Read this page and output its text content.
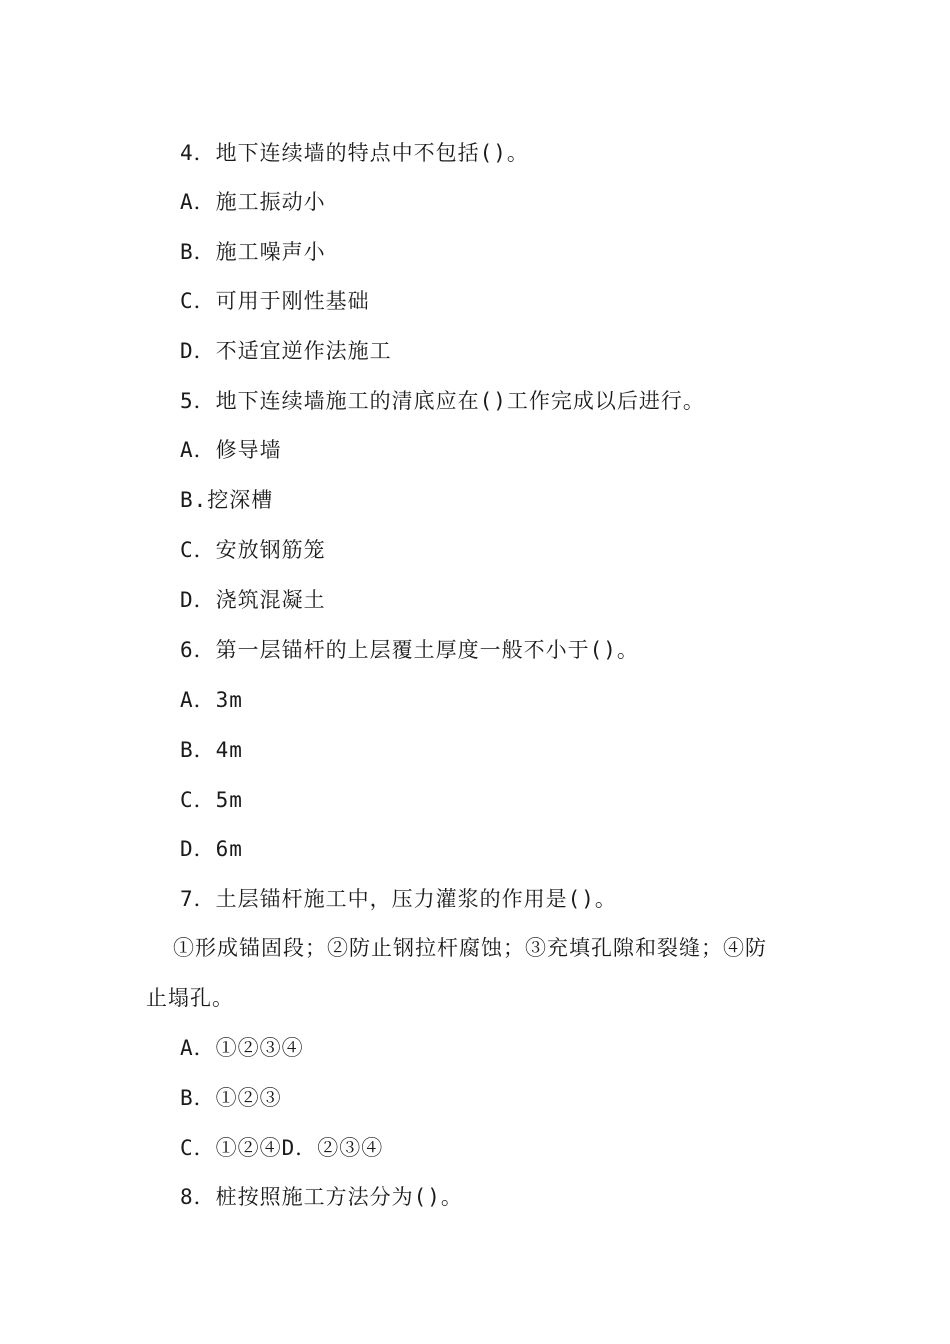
4．地下连续墙的特点中不包括()。
A．施工振动小
B．施工噪声小
C．可用于刚性基础
D．不适宜逆作法施工
5．地下连续墙施工的清底应在()工作完成以后进行。
A．修导墙
B.挖深槽
C．安放钢筋笼
D．浇筑混凝土
6．第一层锚杆的上层覆土厚度一般不小于()。
A．3m
B．4m
C．5m
D．6m
7．土层锚杆施工中，压力灌浆的作用是()。
①形成锚固段；②防止钢拉杆腐蚀；③充填孔隙和裂缝；④防
止塌孔。
A．①②③④
B．①②③
C．①②④D．②③④
8．桩按照施工方法分为()。
